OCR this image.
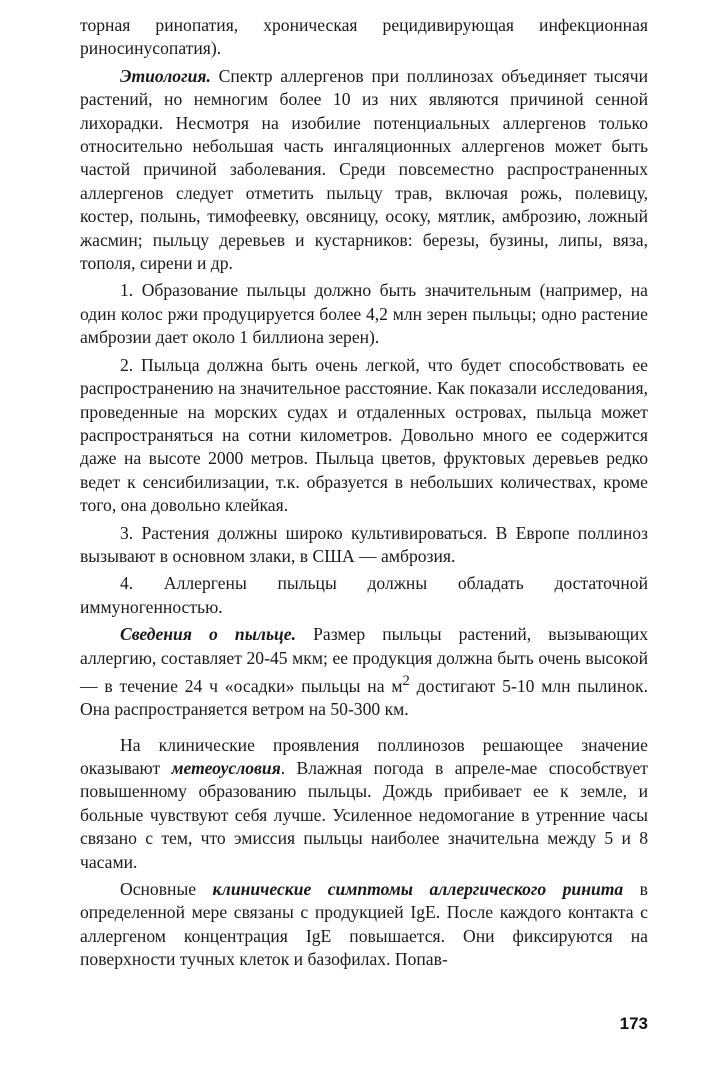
торная ринопатия, хроническая рецидивирующая инфекционная риносинусопатия).

Этиология. Спектр аллергенов при поллинозах объединяет тысячи растений, но немногим более 10 из них являются причиной сенной лихорадки. Несмотря на изобилие потенциальных аллергенов только относительно небольшая часть ингаляционных аллергенов может быть частой причиной заболевания. Среди повсеместно распространенных аллергенов следует отметить пыльцу трав, включая рожь, полевицу, костер, полынь, тимофеевку, овсяницу, осоку, мятлик, амброзию, ложный жасмин; пыльцу деревьев и кустарников: березы, бузины, липы, вяза, тополя, сирени и др.

1. Образование пыльцы должно быть значительным (например, на один колос ржи продуцируется более 4,2 млн зерен пыльцы; одно растение амброзии дает около 1 биллиона зерен).

2. Пыльца должна быть очень легкой, что будет способствовать ее распространению на значительное расстояние. Как показали исследования, проведенные на морских судах и отдаленных островах, пыльца может распространяться на сотни километров. Довольно много ее содержится даже на высоте 2000 метров. Пыльца цветов, фруктовых деревьев редко ведет к сенсибилизации, т.к. образуется в небольших количествах, кроме того, она довольно клейкая.

3. Растения должны широко культивироваться. В Европе поллиноз вызывают в основном злаки, в США — амброзия.

4. Аллергены пыльцы должны обладать достаточной иммуногенностью.

Сведения о пыльце. Размер пыльцы растений, вызывающих аллергию, составляет 20-45 мкм; ее продукция должна быть очень высокой — в течение 24 ч «осадки» пыльцы на $м^2$ достигают 5-10 млн пылинок. Она распространяется ветром на 50-300 км.

На клинические проявления поллинозов решающее значение оказывают метеоусловия. Влажная погода в апреле-мае способствует повышенному образованию пыльцы. Дождь прибивает ее к земле, и больные чувствуют себя лучше. Усиленное недомогание в утренние часы связано с тем, что эмиссия пыльцы наиболее значительна между 5 и 8 часами.

Основные клинические симптомы аллергического ринита в определенной мере связаны с продукцией IgE. После каждого контакта с аллергеном концентрация IgE повышается. Они фиксируются на поверхности тучных клеток и базофилах. Попав-

173
